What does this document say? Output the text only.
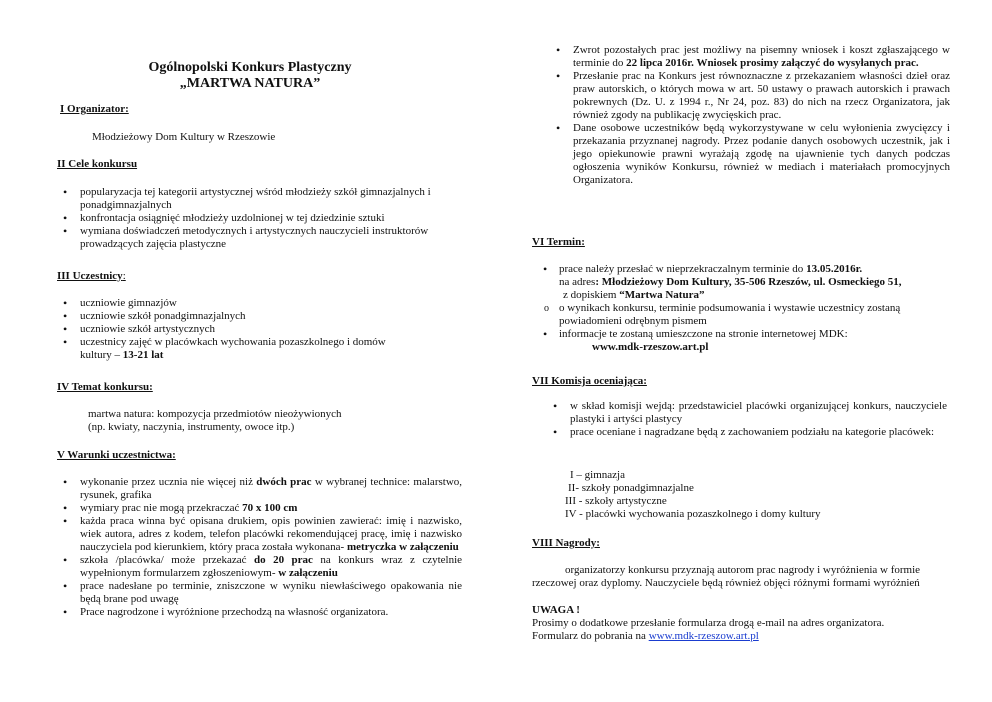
Ogólnopolski Konkurs Plastyczny
„MARTWA NATURA”
I Organizator:
Młodzieżowy Dom Kultury w Rzeszowie
II Cele konkursu
• popularyzacja tej kategorii artystycznej wśród młodzieży szkół gimnazjalnych i ponadgimnazjalnych
• konfrontacja osiągnięć młodzieży uzdolnionej w tej dziedzinie sztuki
• wymiana doświadczeń metodycznych i artystycznych nauczycieli instruktorów prowadzących zajęcia plastyczne
III Uczestnicy:
• uczniowie gimnazjów
• uczniowie szkół ponadgimnazjalnych
• uczniowie szkół artystycznych
• uczestnicy zajęć w placówkach wychowania pozaszkolnego i domów kultury – 13-21 lat
IV Temat konkursu:
martwa natura: kompozycja przedmiotów nieożywionych
(np. kwiaty, naczynia, instrumenty, owoce itp.)
V Warunki uczestnictwa:
• wykonanie przez ucznia nie więcej niż dwóch prac w wybranej technice: malarstwo, rysunek, grafika
• wymiary prac nie mogą przekraczać 70 x 100 cm
• każda praca winna być opisana drukiem, opis powinien zawierać: imię i nazwisko, wiek autora, adres z kodem, telefon placówki rekomendującej pracę, imię i nazwisko nauczyciela pod kierunkiem, który praca została wykonana- metryczka w załączeniu
• szkoła /placówka/ może przekazać do 20 prac na konkurs wraz z czytelnie wypełnionym formularzem zgłoszeniowym- w załączeniu
• prace nadesłane po terminie, zniszczone w wyniku niewłaściwego opakowania nie będą brane pod uwagę
• Prace nagrodzone i wyróżnione przechodzą na własność organizatora.
• Zwrot pozostałych prac jest możliwy na pisemny wniosek i koszt zgłaszającego w terminie do 22 lipca 2016r. Wniosek prosimy załączyć do wysyłanych prac.
• Przesłanie prac na Konkurs jest równoznaczne z przekazaniem własności dzieł oraz praw autorskich, o których mowa w art. 50 ustawy o prawach autorskich i prawach pokrewnych (Dz. U. z 1994 r., Nr 24, poz. 83) do nich na rzecz Organizatora, jak również zgody na publikację zwycięskich prac.
• Dane osobowe uczestników będą wykorzystywane w celu wyłonienia zwycięzcy i przekazania przyznanej nagrody. Przez podanie danych osobowych uczestnik, jak i jego opiekunowie prawni wyrażają zgodę na ujawnienie tych danych podczas ogłoszenia wyników Konkursu, również w mediach i materiałach promocyjnych Organizatora.
VI Termin:
• prace należy przesłać w nieprzekraczalnym terminie do 13.05.2016r.
na adres: Młodzieżowy Dom Kultury, 35-506 Rzeszów, ul. Osmeckiego 51,
z dopiskiem “Martwa Natura”
o o wynikach konkursu, terminie podsumowania i wystawie uczestnicy zostaną powiadomieni odrębnym pismem
• informacje te zostaną umieszczone na stronie internetowej MDK:
www.mdk-rzeszow.art.pl
VII Komisja oceniająca:
• w skład komisji wejdą: przedstawiciel placówki organizującej konkurs, nauczyciele plastyki i artyści plastycy
• prace oceniane i nagradzane będą z zachowaniem podziału na kategorie placówek:
I – gimnazja
II- szkoły ponadgimnazjalne
III - szkoły artystyczne
IV - placówki wychowania pozaszkolnego i domy kultury
VIII Nagrody:
organizatorzy konkursu przyznają autorom prac nagrody i wyróżnienia w formie rzeczowej oraz dyplomy. Nauczyciele będą również objęci różnymi formami wyróżnień
UWAGA !
Prosimy o dodatkowe przesłanie formularza drogą e-mail na adres organizatora.
Formularz do pobrania na www.mdk-rzeszow.art.pl
